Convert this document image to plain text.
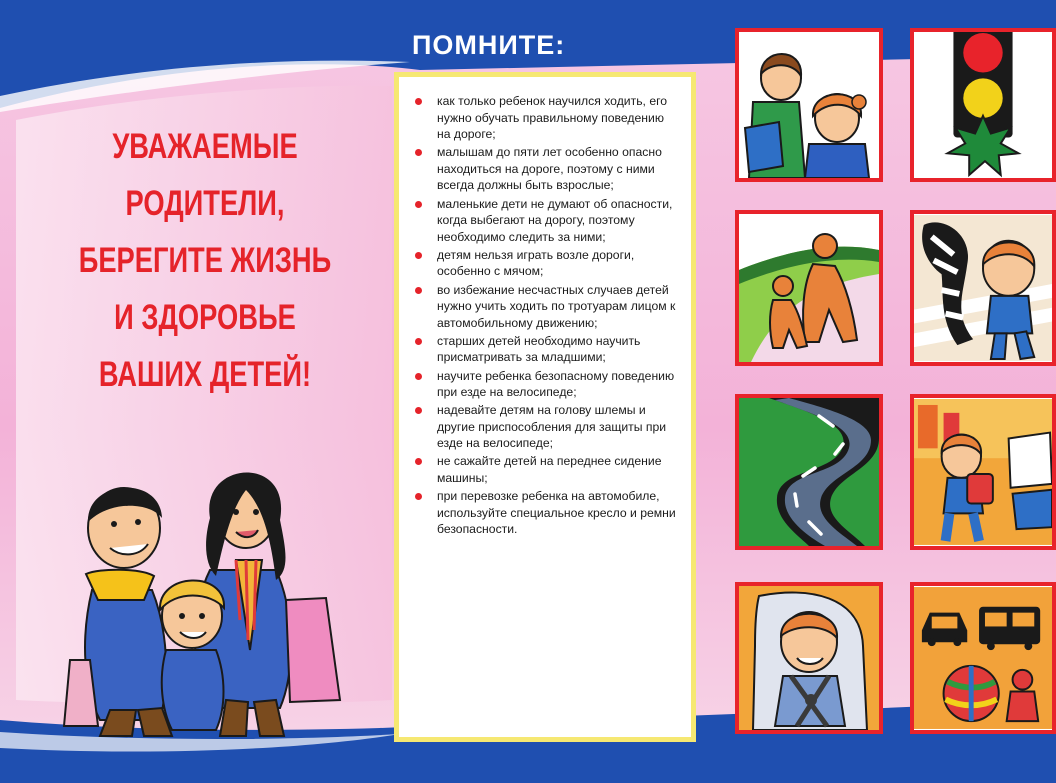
ПОМНИТЕ:
УВАЖАЕМЫЕ
РОДИТЕЛИ,
БЕРЕГИТЕ ЖИЗНЬ
И ЗДОРОВЬЕ
ВАШИХ ДЕТЕЙ!
как только ребенок научился ходить, его нужно обучать правильному поведению на дороге;
малышам до пяти лет особенно опасно находиться на дороге, поэтому с ними всегда должны быть взрослые;
маленькие дети не думают об опасности, когда выбегают на дорогу, поэтому необходимо следить за ними;
детям нельзя играть возле дороги, особенно с мячом;
во избежание несчастных случаев детей нужно учить ходить по тротуарам лицом к автомобильному движению;
старших детей необходимо научить присматривать за младшими;
научите ребенка безопасному поведению при езде на велосипеде;
надевайте детям на голову шлемы и другие приспособления для защиты при езде на велосипеде;
не сажайте детей на переднее сидение машины;
при перевозке ребенка на автомобиле, используйте специальное кресло и ремни безопасности.
